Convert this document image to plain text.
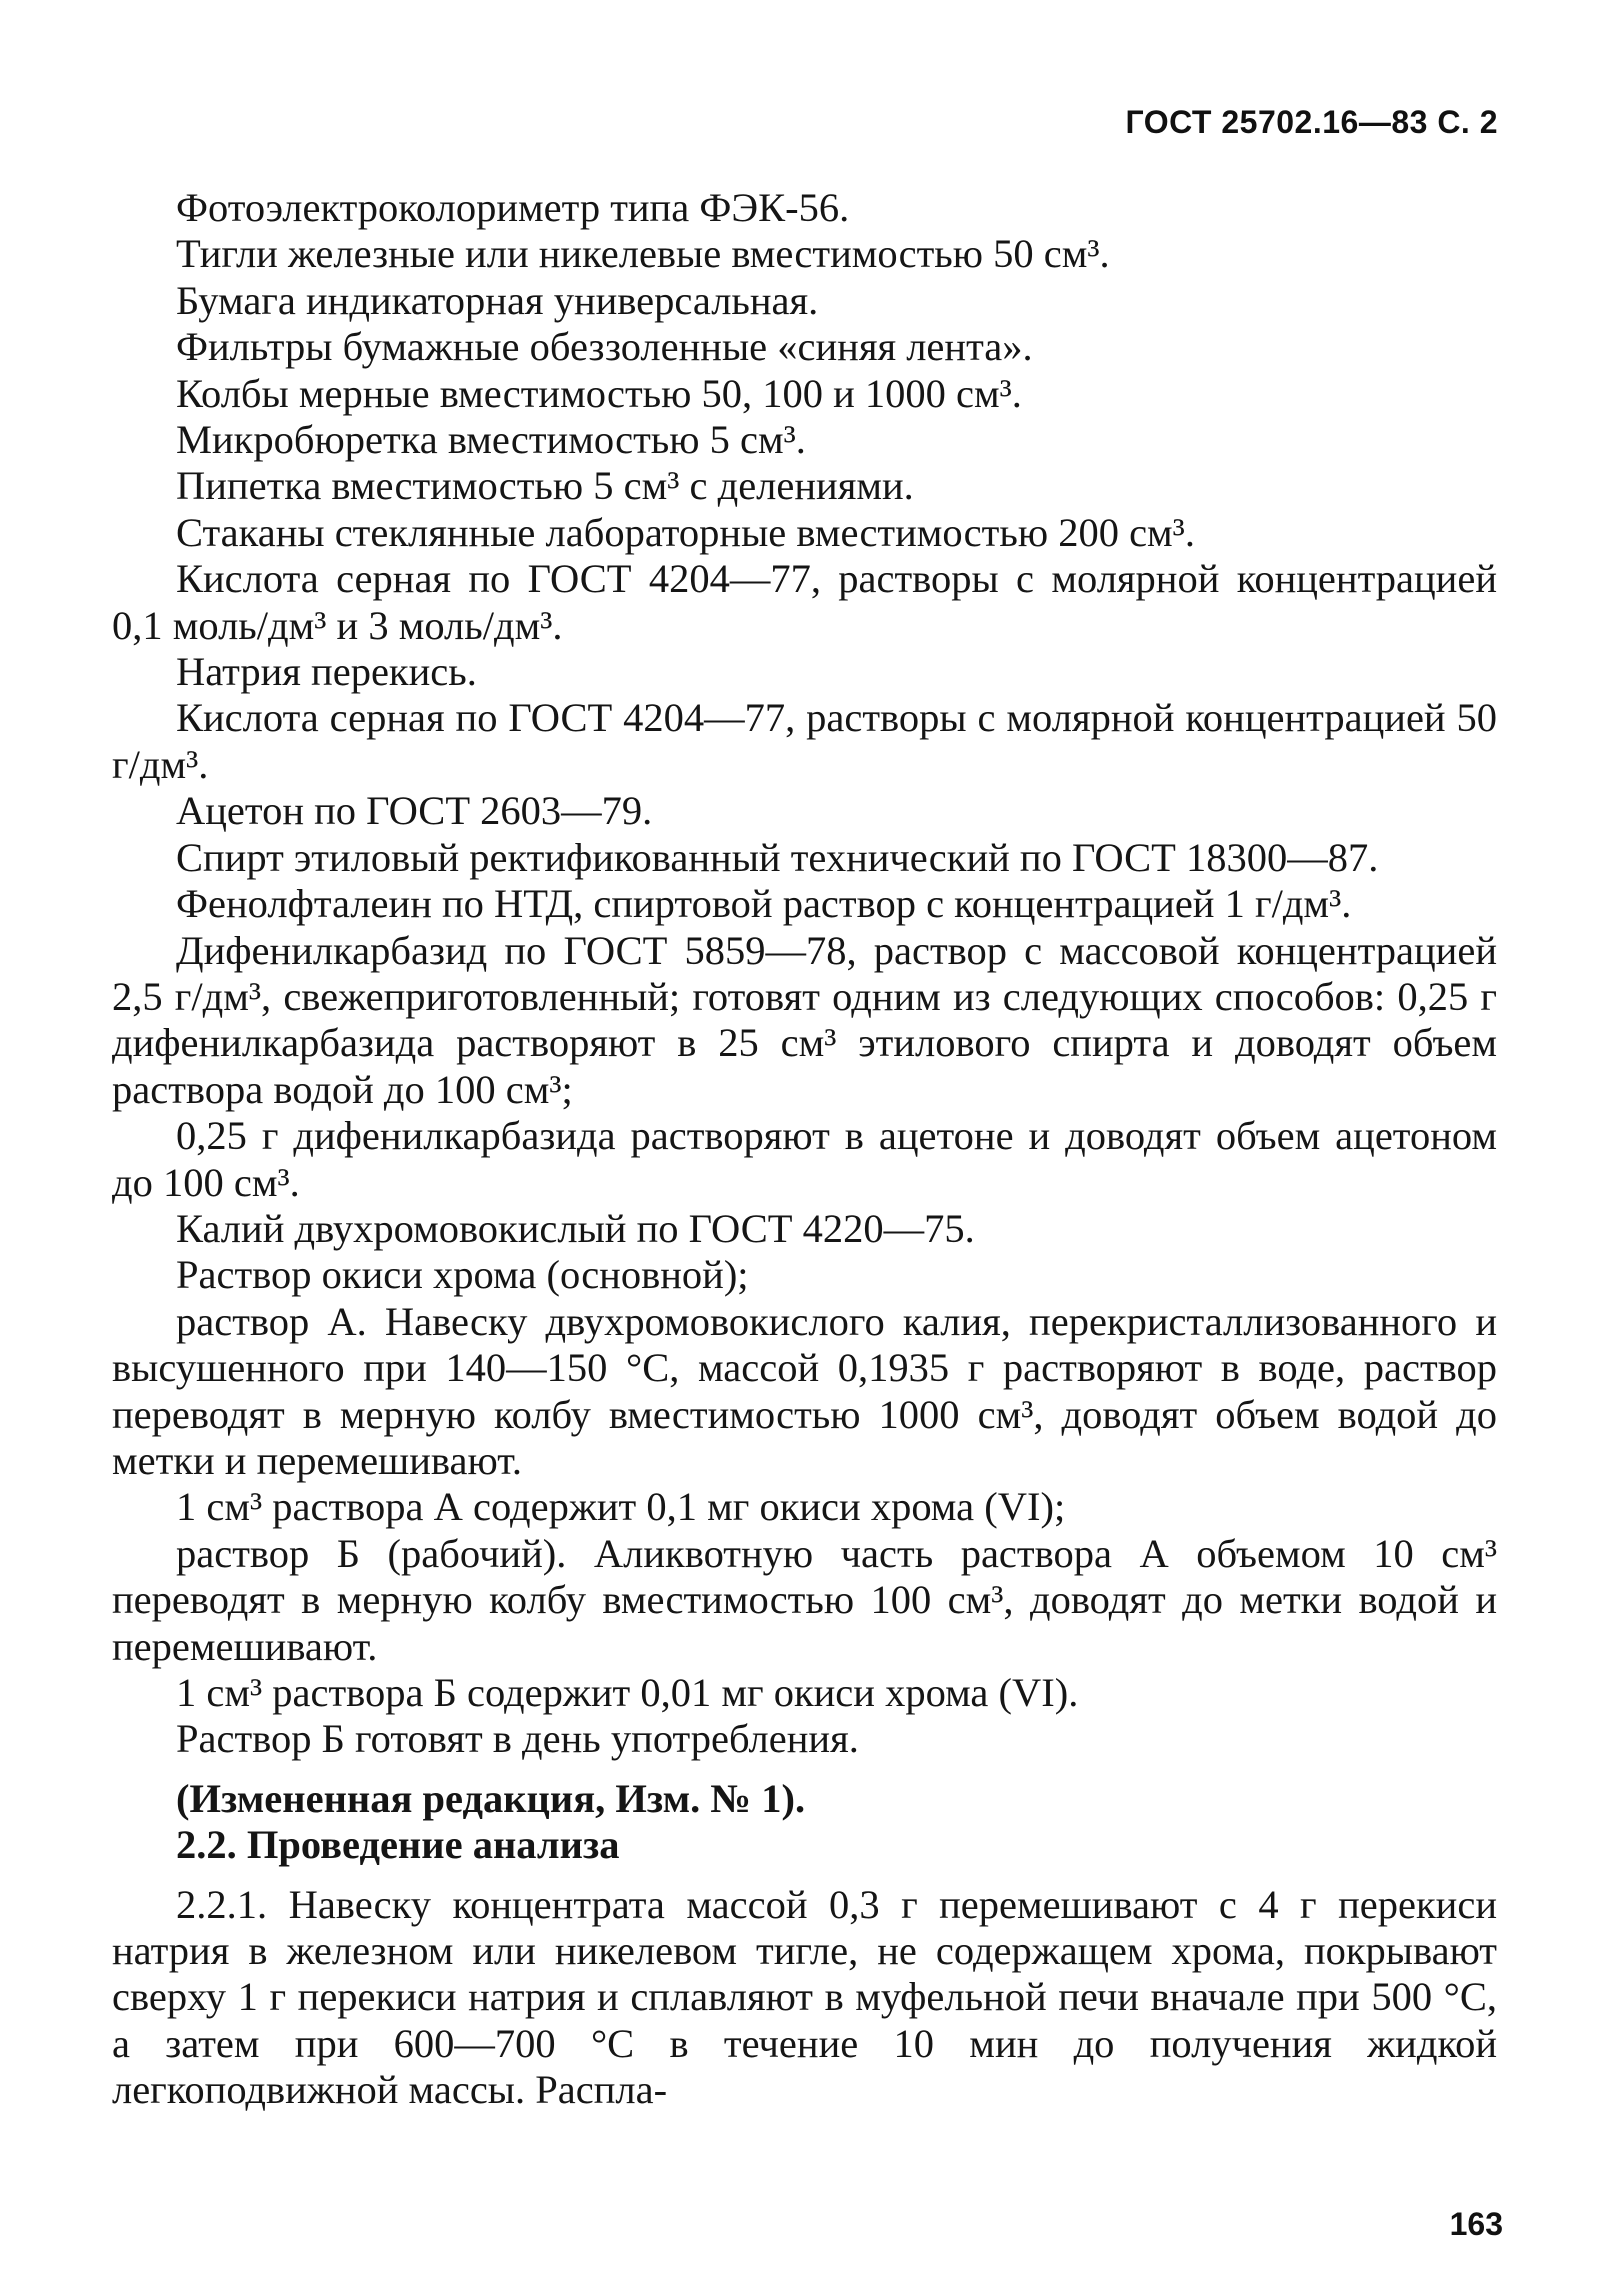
ГОСТ 25702.16—83 С. 2

Фотоэлектроколориметр типа ФЭК-56.

Тигли железные или никелевые вместимостью 50 см³.

Бумага индикаторная универсальная.

Фильтры бумажные обеззоленные «синяя лента».

Колбы мерные вместимостью 50, 100 и 1000 см³.

Микробюретка вместимостью 5 см³.

Пипетка вместимостью 5 см³ с делениями.

Стаканы стеклянные лабораторные вместимостью 200 см³.

Кислота серная по ГОСТ 4204—77, растворы с молярной концентрацией 0,1 моль/дм³ и 3 моль/дм³.

Натрия перекись.

Кислота серная по ГОСТ 4204—77, растворы с молярной концентрацией 50 г/дм³.

Ацетон по ГОСТ 2603—79.

Спирт этиловый ректификованный технический по ГОСТ 18300—87.

Фенолфталеин по НТД, спиртовой раствор с концентрацией 1 г/дм³.

Дифенилкарбазид по ГОСТ 5859—78, раствор с массовой концентрацией 2,5 г/дм³, свежеприготовленный; готовят одним из следующих способов: 0,25 г дифенилкарбазида растворяют в 25 см³ этилового спирта и доводят объем раствора водой до 100 см³;

0,25 г дифенилкарбазида растворяют в ацетоне и доводят объем ацетоном до 100 см³.

Калий двухромовокислый по ГОСТ 4220—75.

Раствор окиси хрома (основной);

раствор А. Навеску двухромовокислого калия, перекристаллизованного и высушенного при 140—150 °С, массой 0,1935 г растворяют в воде, раствор переводят в мерную колбу вместимостью 1000 см³, доводят объем водой до метки и перемешивают.

1 см³ раствора А содержит 0,1 мг окиси хрома (VI);

раствор Б (рабочий). Аликвотную часть раствора А объемом 10 см³ переводят в мерную колбу вместимостью 100 см³, доводят до метки водой и перемешивают.

1 см³ раствора Б содержит 0,01 мг окиси хрома (VI).

Раствор Б готовят в день употребления.

(Измененная редакция, Изм. № 1).

2.2. Проведение анализа

2.2.1. Навеску концентрата массой 0,3 г перемешивают с 4 г перекиси натрия в железном или никелевом тигле, не содержащем хрома, покрывают сверху 1 г перекиси натрия и сплавляют в муфельной печи вначале при 500 °С, а затем при 600—700 °С в течение 10 мин до получения жидкой легкоподвижной массы. Распла-

163
